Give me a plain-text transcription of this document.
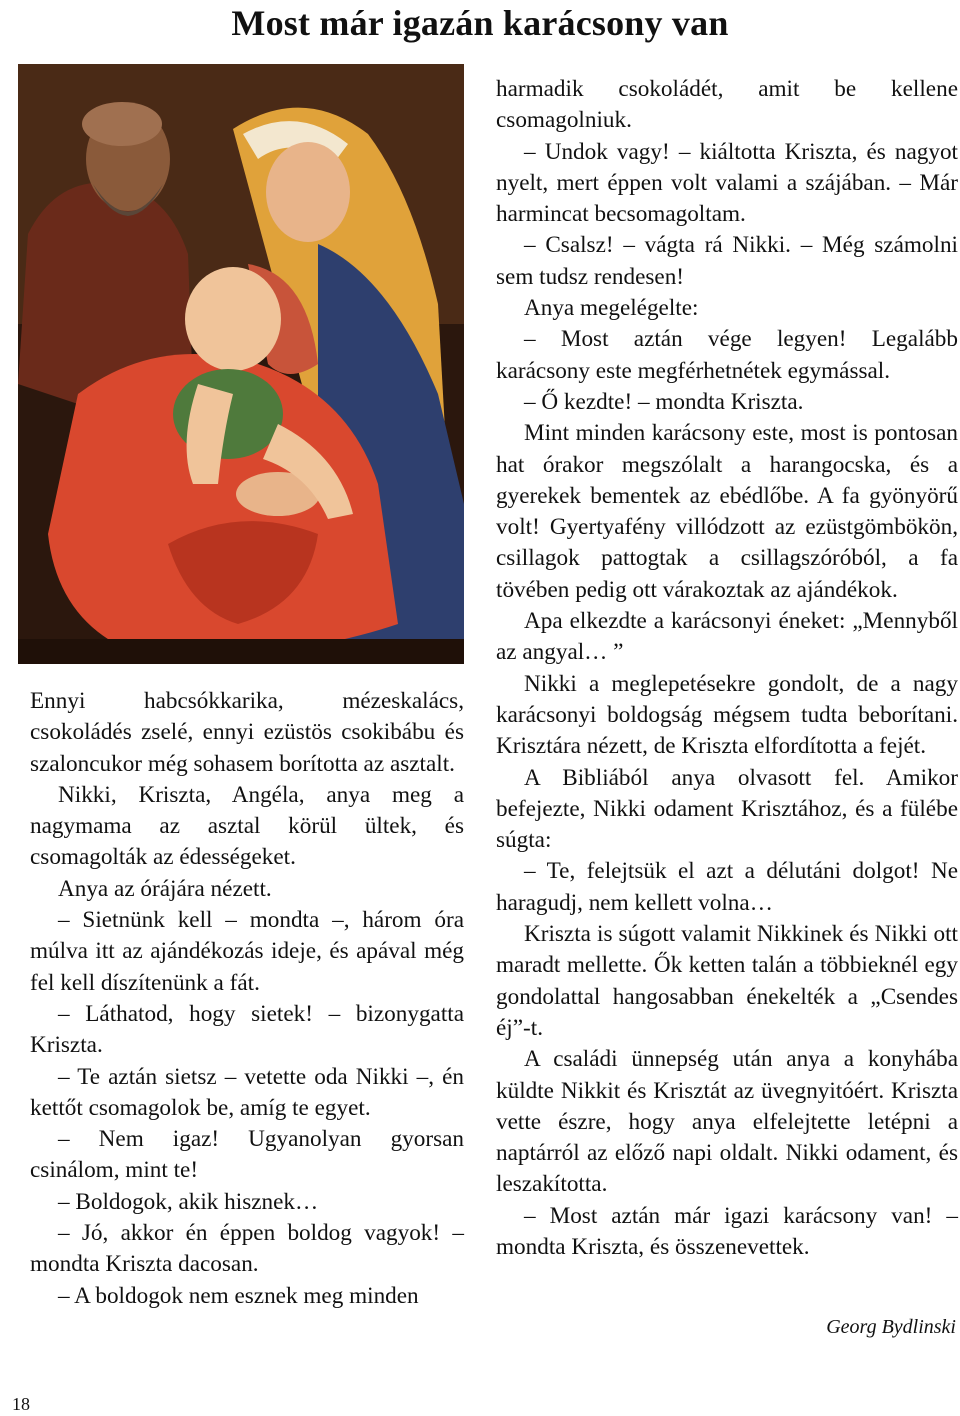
Most már igazán karácsony van

Ennyi habcsókkarika, mézeskalács, csokoládés zselé, ennyi ezüstös csokibábu és szaloncukor még sohasem borította az asztalt.

Nikki, Kriszta, Angéla, anya meg a nagymama az asztal körül ültek, és csomagolták az édességeket.

Anya az órájára nézett.

– Sietnünk kell – mondta –, három óra múlva itt az ajándékozás ideje, és apával még fel kell díszítenünk a fát.

– Láthatod, hogy sietek! – bizonygatta Kriszta.

– Te aztán sietsz – vetette oda Nikki –, én kettőt csomagolok be, amíg te egyet.

– Nem igaz! Ugyanolyan gyorsan csinálom, mint te!

– Boldogok, akik hisznek…

– Jó, akkor én éppen boldog vagyok! – mondta Kriszta dacosan.

– A boldogok nem esznek meg minden

harmadik csokoládét, amit be kellene csomagolniuk.

– Undok vagy! – kiáltotta Kriszta, és nagyot nyelt, mert éppen volt valami a szájában. – Már harmincat becsomagoltam.

– Csalsz! – vágta rá Nikki. – Még számolni sem tudsz rendesen!

Anya megelégelte:

– Most aztán vége legyen! Legalább karácsony este megférhetnétek egymással.

– Ő kezdte! – mondta Kriszta.

Mint minden karácsony este, most is pontosan hat órakor megszólalt a harangocska, és a gyerekek bementek az ebédlőbe. A fa gyönyörű volt! Gyertyafény villódzott az ezüstgömbökön, csillagok pattogtak a csillagszóróból, a fa tövében pedig ott várakoztak az ajándékok.

Apa elkezdte a karácsonyi éneket: „Mennyből az angyal… ”

Nikki a meglepetésekre gondolt, de a nagy karácsonyi boldogság mégsem tudta beborítani. Krisztára nézett, de Kriszta elfordította a fejét.

A Bibliából anya olvasott fel. Amikor befejezte, Nikki odament Krisztához, és a fülébe súgta:

– Te, felejtsük el azt a délutáni dolgot! Ne haragudj, nem kellett volna…

Kriszta is súgott valamit Nikkinek és Nikki ott maradt mellette. Ők ketten talán a többieknél egy gondolattal hangosabban énekelték a „Csendes éj”-t.

A családi ünnepség után anya a konyhába küldte Nikkit és Krisztát az üvegnyitóért. Kriszta vette észre, hogy anya elfelejtette letépni a naptárról az előző napi oldalt. Nikki odament, és leszakította.

– Most aztán már igazi karácsony van! – mondta Kriszta, és összenevettek.

Georg Bydlinski
18
